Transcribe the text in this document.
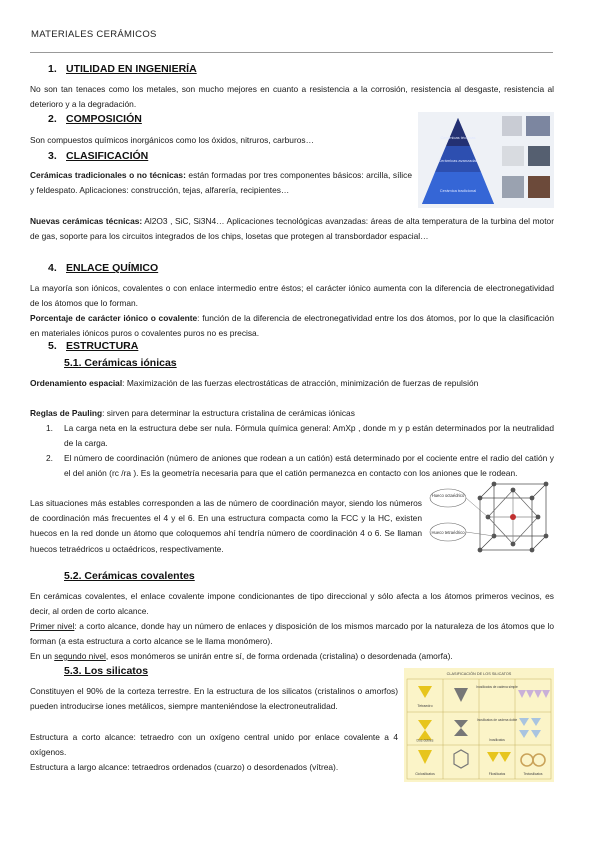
MATERIALES CERÁMICOS
1. UTILIDAD EN INGENIERÍA

No son tan tenaces como los metales, son mucho mejores en cuanto a resistencia a la corrosión, resistencia al desgaste, resistencia al deterioro y a la degradación.

2. COMPOSICIÓN

Son compuestos químicos inorgánicos como los óxidos, nitruros, carburos…	Cerámicas técnicas
Cerámicas avanzadas
Cerámica tradicional
3. CLASIFICACIÓN

Cerámicas tradicionales o no técnicas: están formadas por tres componentes básicos: arcilla, sílice y feldespato. Aplicaciones: construcción, tejas, alfarería, recipientes…

Nuevas cerámicas técnicas: Al2O3 , SiC, Si3N4… Aplicaciones tecnológicas avanzadas: áreas de alta temperatura de la turbina del motor de gas, soporte para los circuitos integrados de los chips, losetas que protegen al transbordador espacial…

4. ENLACE QUÍMICO

La mayoría son iónicos, covalentes o con enlace intermedio entre éstos; el carácter iónico aumenta con la diferencia de electronegatividad de los átomos que lo forman.

Porcentaje de carácter iónico o covalente: función de la diferencia de electronegatividad entre los dos átomos, por lo que la clasificación en materiales iónicos puros o covalentes puros no es precisa.

5. ESTRUCTURA
5.1. Cerámicas iónicas

Ordenamiento espacial: Maximización de las fuerzas electrostáticas de atracción, minimización de fuerzas de repulsión

Reglas de Pauling: sirven para determinar la estructura cristalina de cerámicas iónicas

1. La carga neta en la estructura debe ser nula. Fórmula química general: AmXp , donde m y p están determinados por la neutralidad de la carga.
2. El número de coordinación (número de aniones que rodean a un catión) está determinado por el cociente entre el radio del catión y el del anión (rc /ra ). Es la geometría necesaria para que el catión permanezca en contacto con los aniones que le rodean.

Las situaciones más estables corresponden a las de número de coordinación mayor, siendo los números de coordinación más frecuentes el 4 y el 6. En una estructura compacta como la FCC y la HC, existen huecos en la red donde un átomo que coloquemos ahí tendría número de coordinación 4 o 6. Se llaman huecos tetraédricos u octaédricos, respectivamente.

Hueco octaédrico
Hueco tetraédrico
5.2. Cerámicas covalentes

En cerámicas covalentes, el enlace covalente impone condicionantes de tipo direccional y sólo afecta a los átomos primeros vecinos, es decir, al orden de corto alcance.

Primer nivel: a corto alcance, donde hay un número de enlaces y disposición de los mismos marcado por la naturaleza de los átomos que lo forman (a esta estructura a corto alcance se le llama monómero).

En un segundo nivel, esos monómeros se unirán entre sí, de forma ordenada (cristalina) o desordenada (amorfa).

5.3. Los silicatos

Constituyen el 90% de la corteza terrestre. En la estructura de los silicatos (cristalinos o amorfos) pueden introducirse iones metálicos, siempre manteniéndose la electroneutralidad.

Estructura a corto alcance: tetraedro con un oxígeno central unido por enlace covalente a 4 oxígenos.

Estructura a largo alcance: tetraedros ordenados (cuarzo) o desordenados (vítrea).

CLASIFICACIÓN DE LOS SILICATOS
Tetraedro
Inosilicatos de cadena simple
Dos dobles
Inosilicatos de cadena doble
Inosilicatos
Ciclosilicatos	Filosilicatos	Tectosilicatos
